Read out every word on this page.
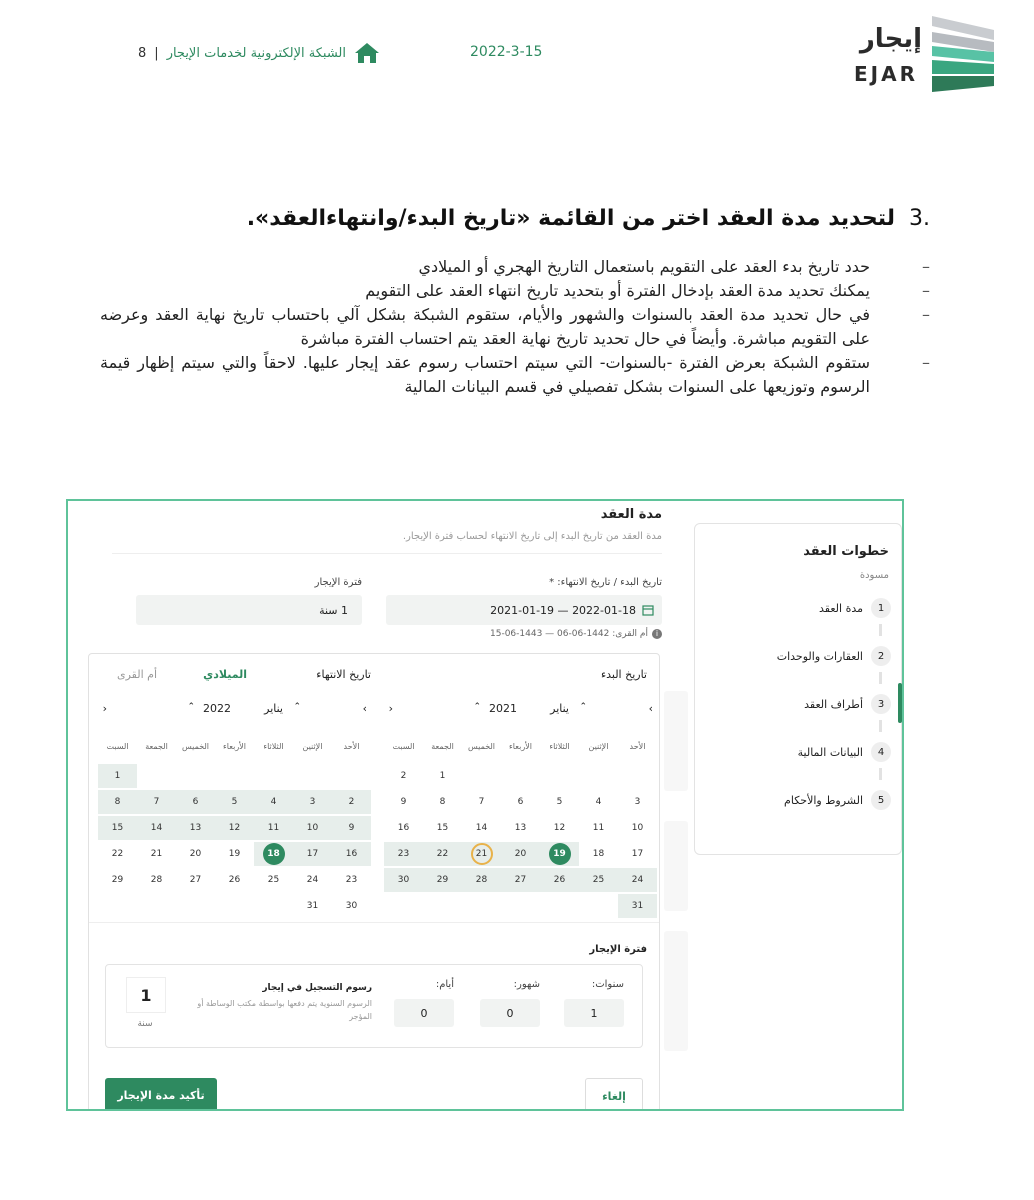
إيجار
EJAR
2022-3-15
الشبكة الإلكترونية لخدمات الإيجار
|
8
.3
لتحديد مدة العقد اختر من القائمة «تاريخ البدء/وانتهاءالعقد».
– حدد تاريخ بدء العقد على التقويم باستعمال التاريخ الهجري أو الميلادي
– يمكنك تحديد مدة العقد بإدخال الفترة أو بتحديد تاريخ انتهاء العقد على التقويم
– في حال تحديد مدة العقد بالسنوات والشهور والأيام، ستقوم الشبكة بشكل آلي باحتساب تاريخ نهاية العقد وعرضه على التقويم مباشرة. وأيضاً في حال تحديد تاريخ نهاية العقد يتم احتساب الفترة مباشرة
– ستقوم الشبكة بعرض الفترة -بالسنوات- التي سيتم احتساب رسوم عقد إيجار عليها. لاحقاً والتي سيتم إظهار قيمة الرسوم وتوزيعها على السنوات بشكل تفصيلي في قسم البيانات المالية
خطوات العقد
مسودة
1
مدة العقد
2
العقارات والوحدات
3
أطراف العقد
4
البيانات المالية
5
الشروط والأحكام
مدة العقد
مدة العقد من تاريخ البدء إلى تاريخ الانتهاء لحساب فترة الإيجار.
تاريخ البدء / تاريخ الانتهاء: *
2022-01-18 — 2021-01-19
i
أم القرى: 1442-06-06 — 1443-06-15
فترة الإيجار
1 سنة
تاريخ البدء
تاريخ الانتهاء
الميلادي
أم القرى
‹
يناير ⌃
2021
⌃
›
الأحد
الإثنين
الثلاثاء
الأربعاء
الخميس
الجمعة
السبت
1
2
3
4
5
6
7
8
9
10
11
12
13
14
15
16
17
18
19
20
21
22
23
24
25
26
27
28
29
30
31
‹
يناير ⌃
2022
⌃
›
الأحد
الإثنين
الثلاثاء
الأربعاء
الخميس
الجمعة
السبت
1
2
3
4
5
6
7
8
9
10
11
12
13
14
15
16
17
18
19
20
21
22
23
24
25
26
27
28
29
30
31
فترة الإيجار
سنوات:
1
شهور:
0
أيام:
0
رسوم التسجيل في إيجار
الرسوم السنوية يتم دفعها بواسطة مكتب الوساطة أو المؤجر
1
سنة
إلغاء
تأكيد مدة الإيجار
